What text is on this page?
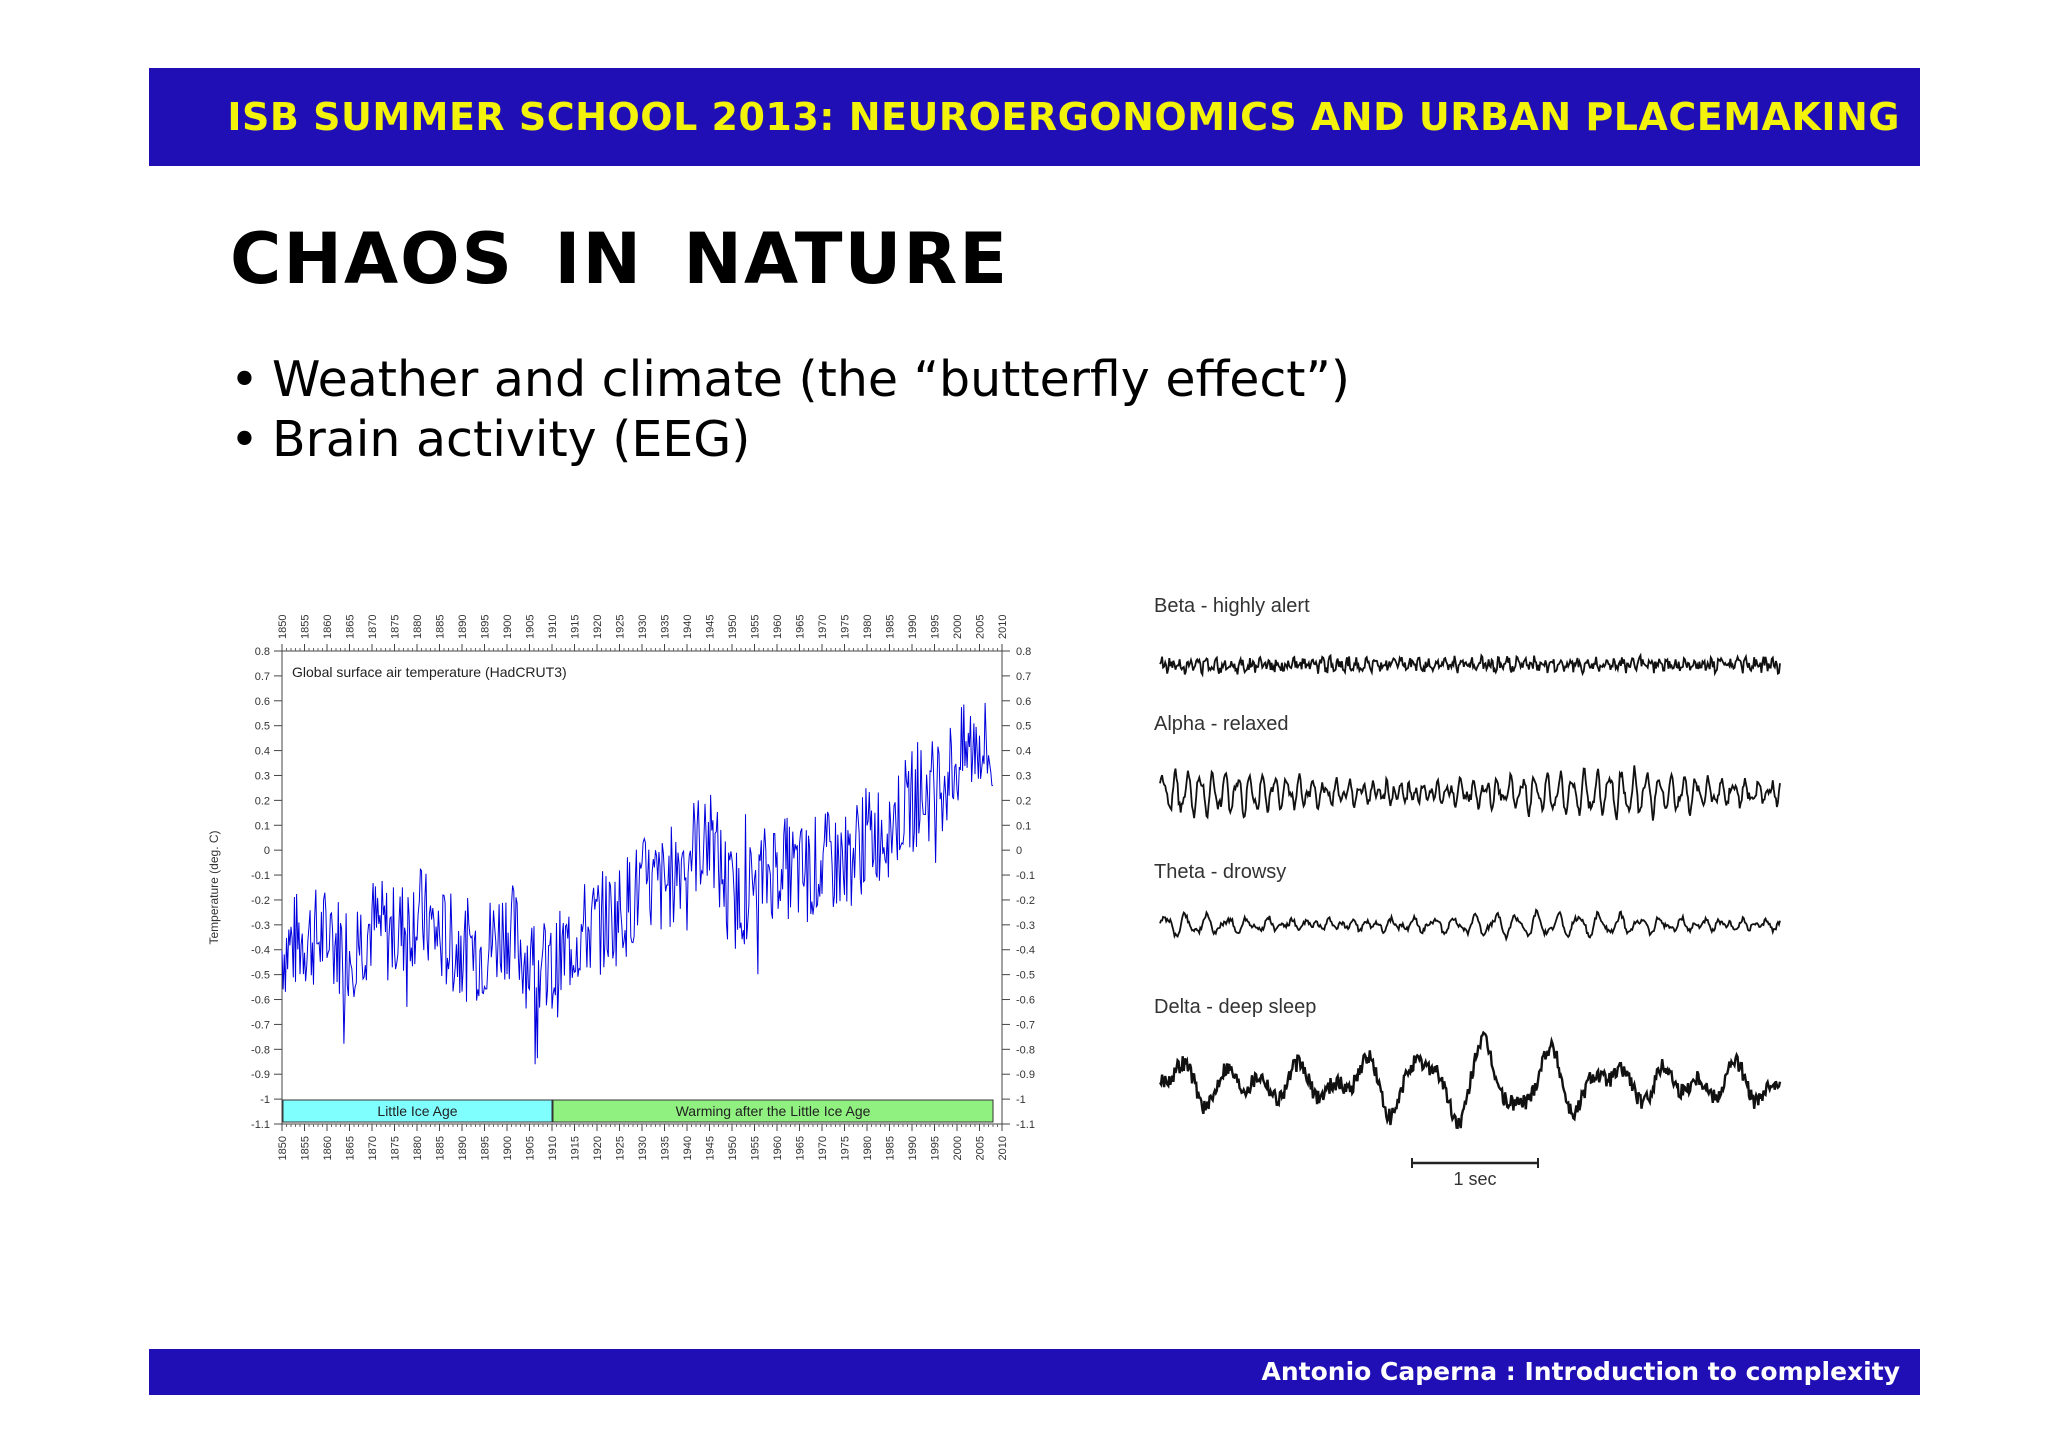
ISB SUMMER SCHOOL 2013: NEUROERGONOMICS AND URBAN PLACEMAKING
CHAOS IN NATURE
• Weather and climate (the “butterfly effect”)
• Brain activity (EEG)
1850
1850
1855
1855
1860
1860
1865
1865
1870
1870
1875
1875
1880
1880
1885
1885
1890
1890
1895
1895
1900
1900
1905
1905
1910
1910
1915
1915
1920
1920
1925
1925
1930
1930
1935
1935
1940
1940
1945
1945
1950
1950
1955
1955
1960
1960
1965
1965
1970
1970
1975
1975
1980
1980
1985
1985
1990
1990
1995
1995
2000
2000
2005
2005
2010
2010
0.8	0.8
0.7	0.7
0.6	0.6
0.5	0.5
0.4	0.4
0.3	0.3
0.2	0.2
0.1	0.1
0	0
-0.1	-0.1
-0.2	-0.2
-0.3	-0.3
-0.4	-0.4
-0.5	-0.5
-0.6	-0.6
-0.7	-0.7
-0.8	-0.8
-0.9	-0.9
-1	-1
-1.1	-1.1
Temperature (deg. C)
Global surface air temperature (HadCRUT3)
Little Ice Age	Warming after the Little Ice Age
Beta - highly alert
Alpha - relaxed
Theta - drowsy
Delta - deep sleep
1 sec
Antonio Caperna : Introduction to complexity
